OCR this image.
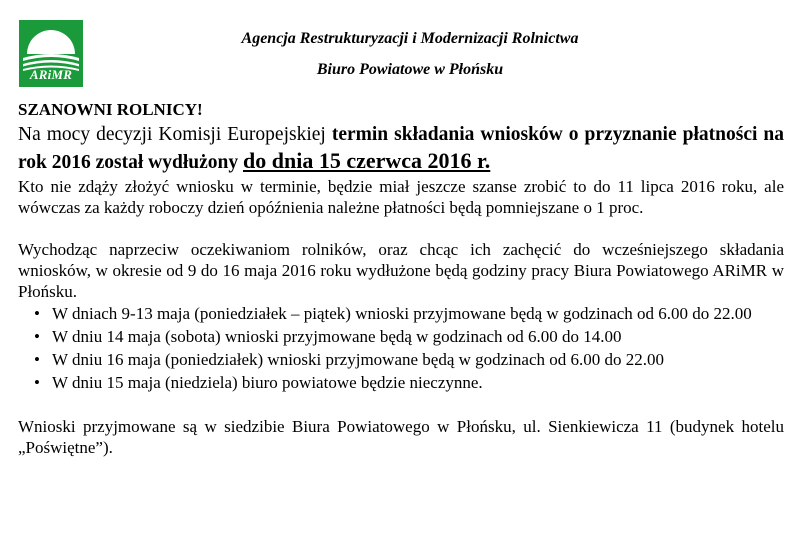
ARiMR
Agencja Restrukturyzacji i Modernizacji Rolnictwa
Biuro Powiatowe w Płońsku

SZANOWNI ROLNICY!

Na mocy decyzji Komisji Europejskiej termin składania wniosków o przyznanie płatności na rok 2016 został wydłużony do dnia 15 czerwca 2016 r.

Kto nie zdąży złożyć wniosku w terminie, będzie miał jeszcze szanse zrobić to do 11 lipca 2016 roku, ale wówczas za każdy roboczy dzień opóźnienia należne płatności będą pomniejszane o 1 proc.

Wychodząc naprzeciw oczekiwaniom rolników, oraz chcąc ich zachęcić do wcześniejszego składania wniosków, w okresie od 9 do 16 maja 2016 roku wydłużone będą godziny pracy Biura Powiatowego ARiMR w Płońsku.

• W dniach 9-13 maja (poniedziałek – piątek) wnioski przyjmowane będą w godzinach od 6.00 do 22.00
• W dniu 14 maja (sobota) wnioski przyjmowane będą w godzinach od 6.00 do 14.00
• W dniu 16 maja (poniedziałek) wnioski przyjmowane będą w godzinach od 6.00 do 22.00
• W dniu 15 maja (niedziela) biuro powiatowe będzie nieczynne.

Wnioski przyjmowane są w siedzibie Biura Powiatowego w Płońsku, ul. Sienkiewicza 11 (budynek hotelu „Poświętne”).
